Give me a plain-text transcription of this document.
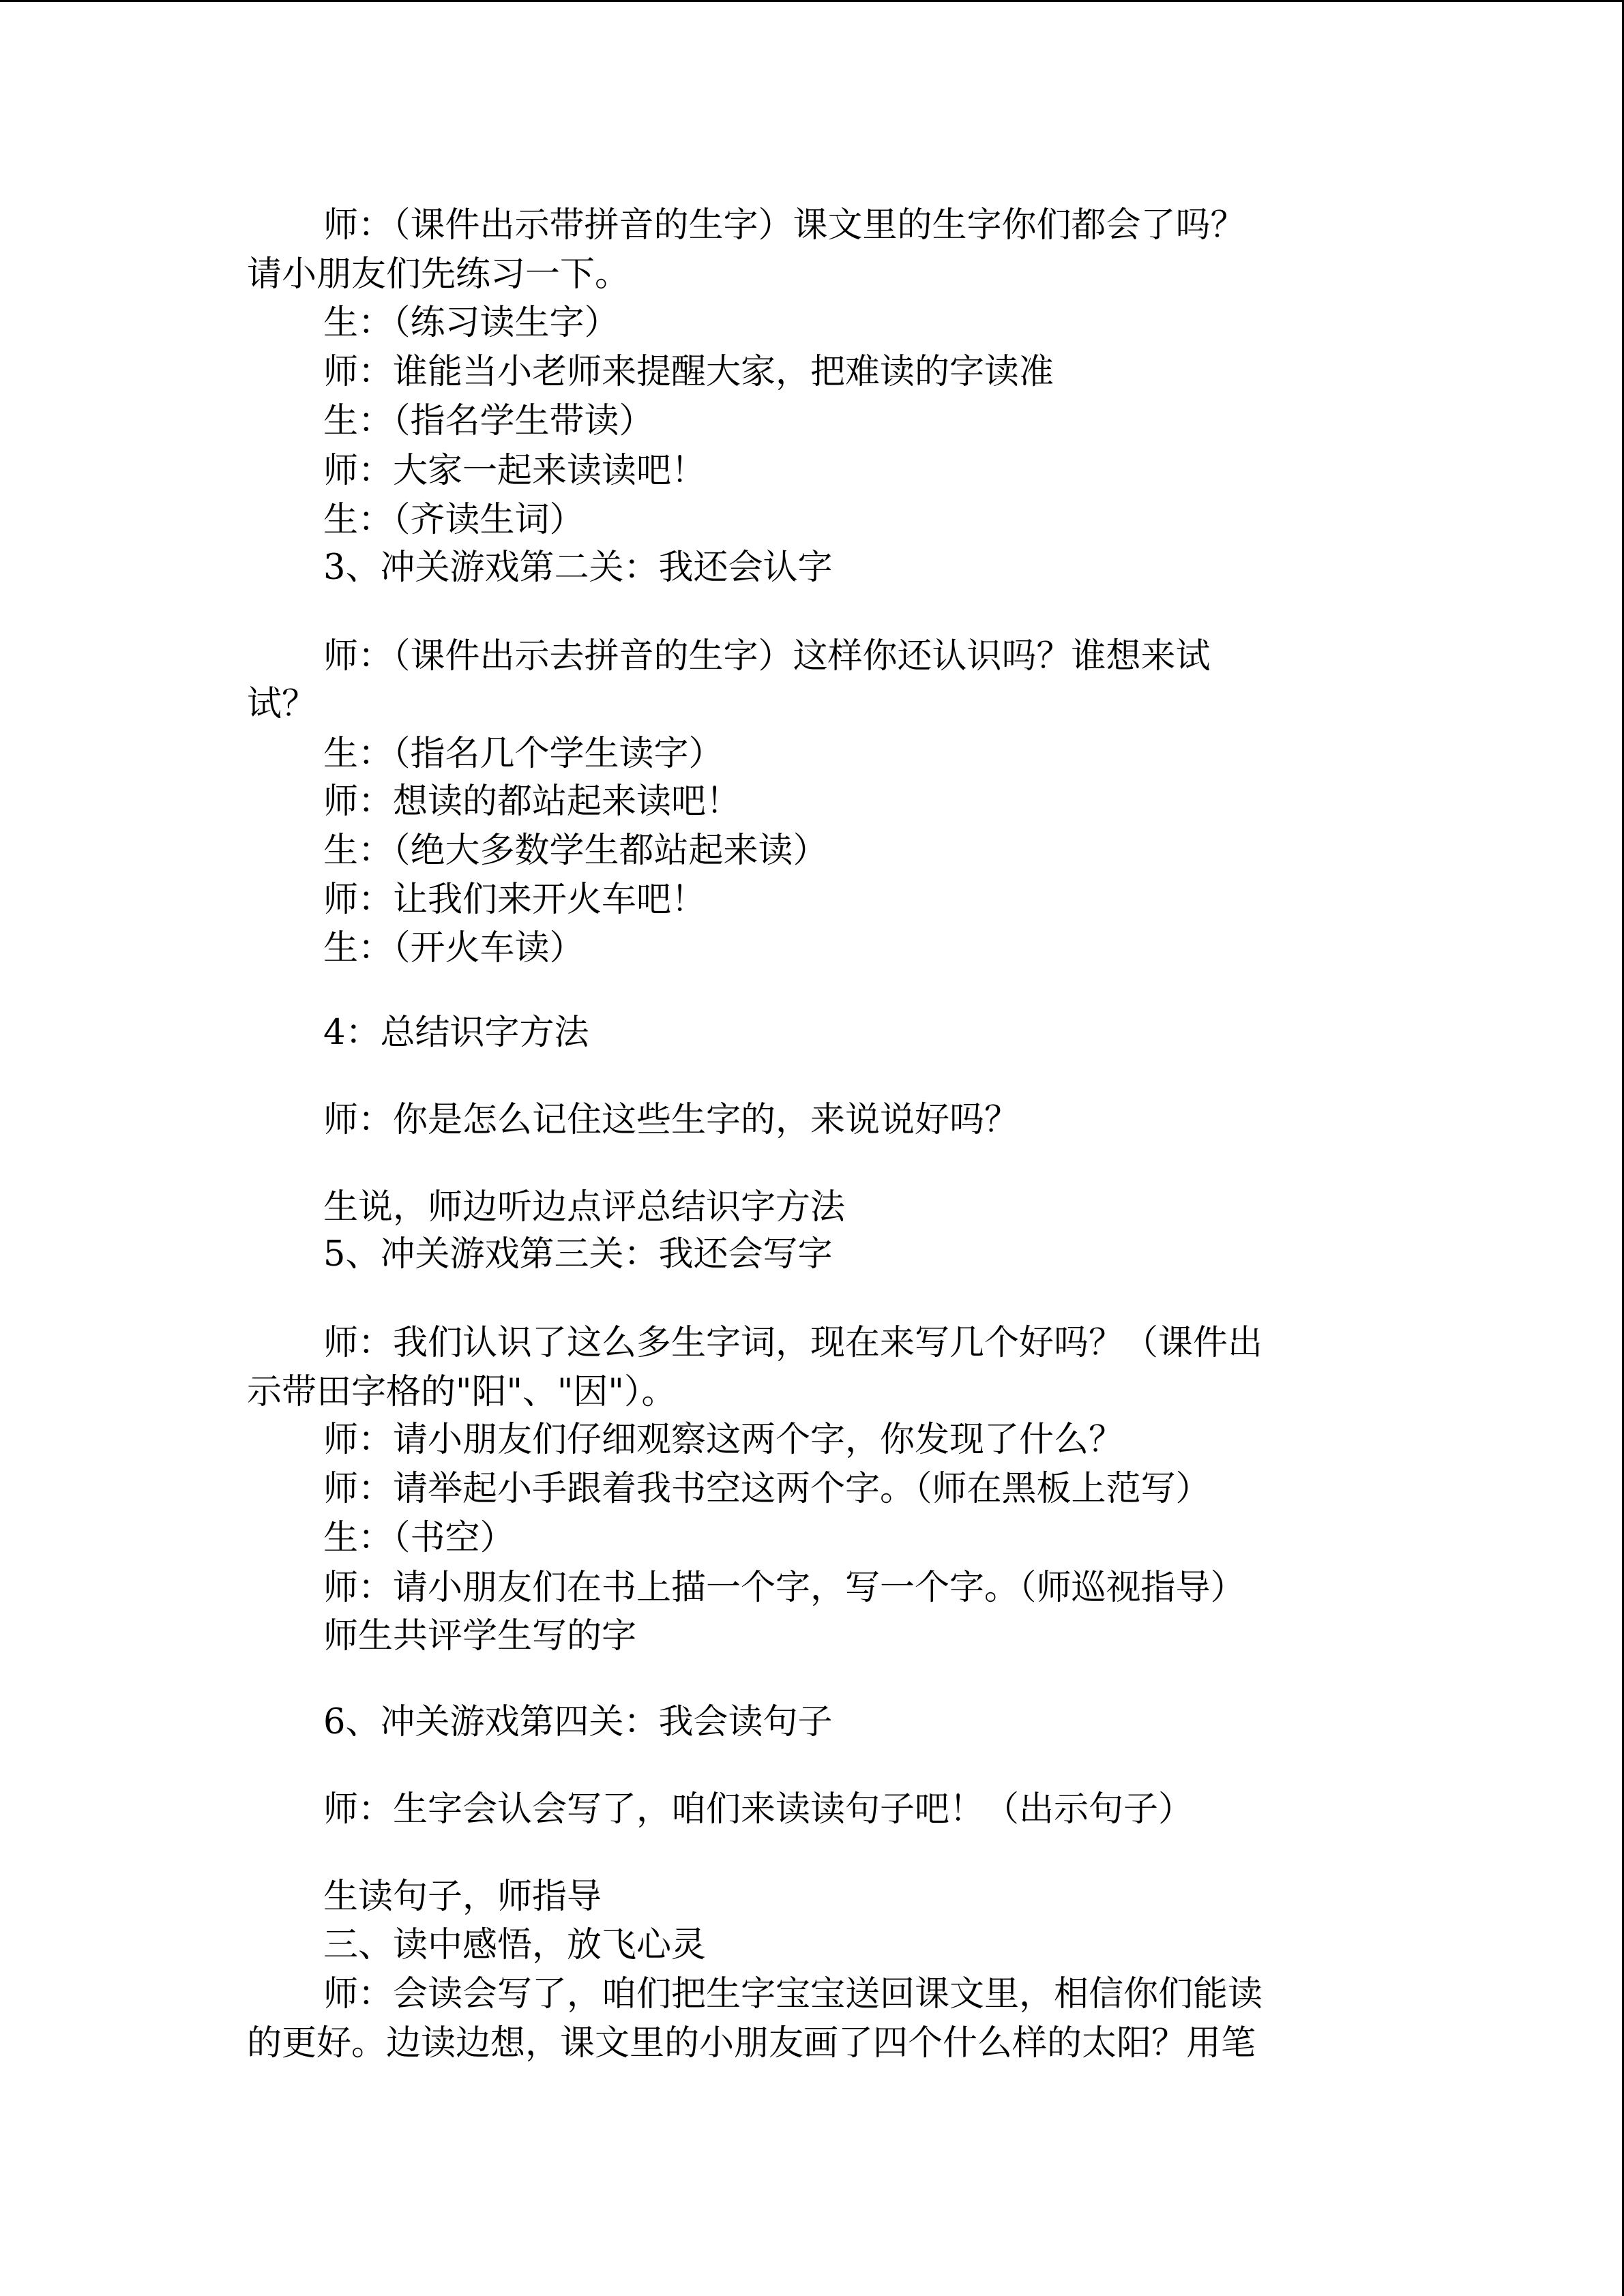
师：（课件出示带拼音的生字）课文里的生字你们都会了吗？
请小朋友们先练习一下。
生：（练习读生字）
师：谁能当小老师来提醒大家，把难读的字读准
生：（指名学生带读）
师：大家一起来读读吧！
生：（齐读生词）
3、冲关游戏第二关：我还会认字
师：（课件出示去拼音的生字）这样你还认识吗？谁想来试
试？
生：（指名几个学生读字）
师：想读的都站起来读吧！
生：（绝大多数学生都站起来读）
师：让我们来开火车吧！
生：（开火车读）
4：总结识字方法
师：你是怎么记住这些生字的，来说说好吗？
生说，师边听边点评总结识字方法
5、冲关游戏第三关：我还会写字
师：我们认识了这么多生字词，现在来写几个好吗？（课件出
示带田字格的"阳"、"因"）。
师：请小朋友们仔细观察这两个字，你发现了什么？
师：请举起小手跟着我书空这两个字。（师在黑板上范写）
生：（书空）
师：请小朋友们在书上描一个字，写一个字。（师巡视指导）
师生共评学生写的字
6、冲关游戏第四关：我会读句子
师：生字会认会写了，咱们来读读句子吧！（出示句子）
生读句子，师指导
三、读中感悟，放飞心灵
师：会读会写了，咱们把生字宝宝送回课文里，相信你们能读
的更好。边读边想，课文里的小朋友画了四个什么样的太阳？用笔
